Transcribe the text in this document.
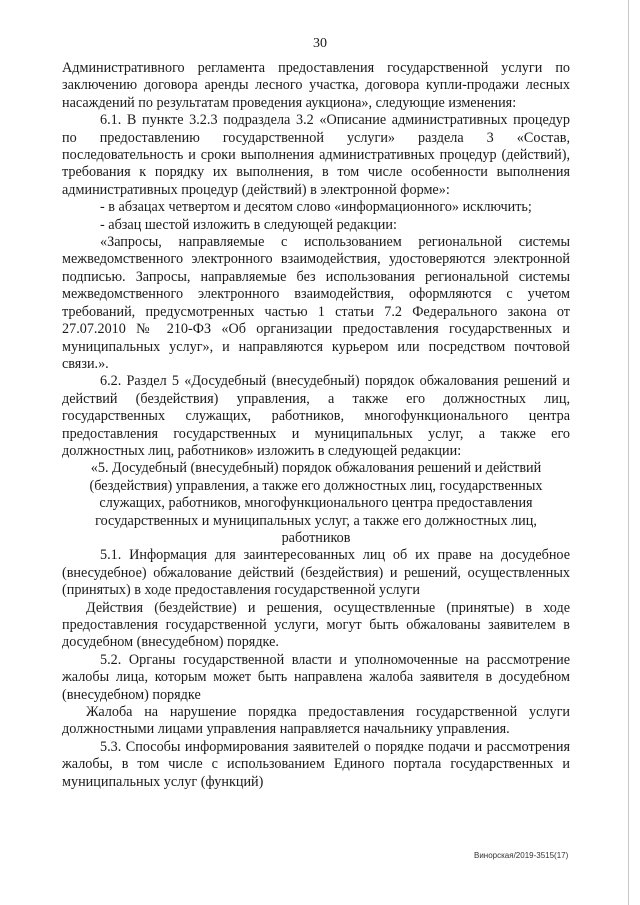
30

Административного регламента предоставления государственной услуги по заключению договора аренды лесного участка, договора купли-продажи лесных насаждений по результатам проведения аукциона», следующие изменения:

6.1. В пункте 3.2.3 подраздела 3.2 «Описание административных процедур по предоставлению государственной услуги» раздела 3 «Состав, последовательность и сроки выполнения административных процедур (действий), требования к порядку их выполнения, в том числе особенности выполнения административных процедур (действий) в электронной форме»:

- в абзацах четвертом и десятом слово «информационного» исключить;

- абзац шестой изложить в следующей редакции:

«Запросы, направляемые с использованием региональной системы межведомственного электронного взаимодействия, удостоверяются электронной подписью. Запросы, направляемые без использования региональной системы межведомственного электронного взаимодействия, оформляются с учетом требований, предусмотренных частью 1 статьи 7.2 Федерального закона от 27.07.2010 № 210-ФЗ «Об организации предоставления государственных и муниципальных услуг», и направляются курьером или посредством почтовой связи.».

6.2. Раздел 5 «Досудебный (внесудебный) порядок обжалования решений и действий (бездействия) управления, а также его должностных лиц, государственных служащих, работников, многофункционального центра предоставления государственных и муниципальных услуг, а также его должностных лиц, работников» изложить в следующей редакции:

«5. Досудебный (внесудебный) порядок обжалования решений и действий (бездействия) управления, а также его должностных лиц, государственных служащих, работников, многофункционального центра предоставления государственных и муниципальных услуг, а также его должностных лиц, работников

5.1. Информация для заинтересованных лиц об их праве на досудебное (внесудебное) обжалование действий (бездействия) и решений, осуществленных (принятых) в ходе предоставления государственной услуги

Действия (бездействие) и решения, осуществленные (принятые) в ходе предоставления государственной услуги, могут быть обжалованы заявителем в досудебном (внесудебном) порядке.

5.2. Органы государственной власти и уполномоченные на рассмотрение жалобы лица, которым может быть направлена жалоба заявителя в досудебном (внесудебном) порядке

Жалоба на нарушение порядка предоставления государственной услуги должностными лицами управления направляется начальнику управления.

5.3. Способы информирования заявителей о порядке подачи и рассмотрения жалобы, в том числе с использованием Единого портала государственных и муниципальных услуг (функций)

Винорская/2019-3515(17)
